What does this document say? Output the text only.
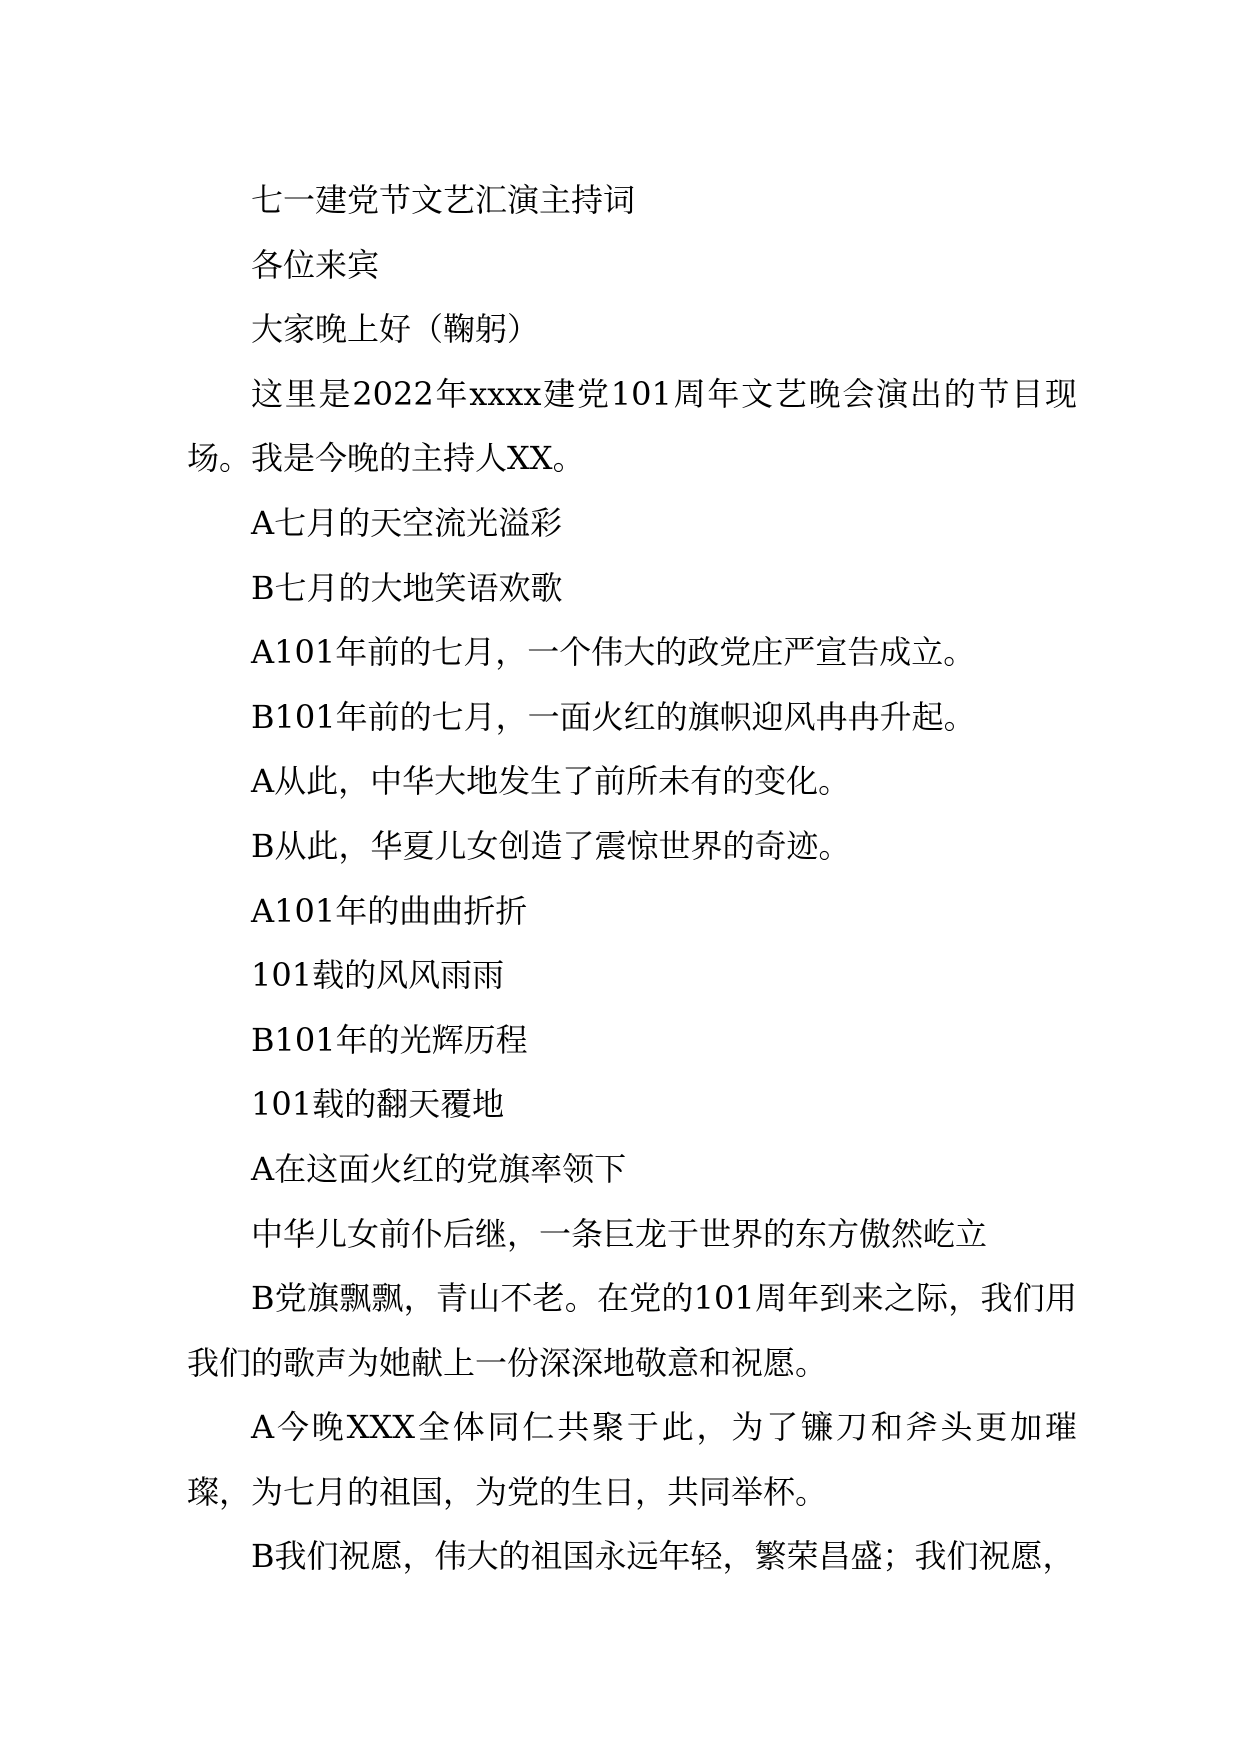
七一建党节文艺汇演主持词

各位来宾

大家晚上好（鞠躬）

这里是2022年xxxx建党101周年文艺晚会演出的节目现场。我是今晚的主持人XX。

A七月的天空流光溢彩

B七月的大地笑语欢歌

A101年前的七月，一个伟大的政党庄严宣告成立。

B101年前的七月，一面火红的旗帜迎风冉冉升起。

A从此，中华大地发生了前所未有的变化。

B从此，华夏儿女创造了震惊世界的奇迹。

A101年的曲曲折折

101载的风风雨雨

B101年的光辉历程

101载的翻天覆地

A在这面火红的党旗率领下

中华儿女前仆后继，一条巨龙于世界的东方傲然屹立

B党旗飘飘，青山不老。在党的101周年到来之际，我们用我们的歌声为她献上一份深深地敬意和祝愿。

A今晚XXX全体同仁共聚于此，为了镰刀和斧头更加璀璨，为七月的祖国，为党的生日，共同举杯。

B我们祝愿，伟大的祖国永远年轻，繁荣昌盛；我们祝愿，
